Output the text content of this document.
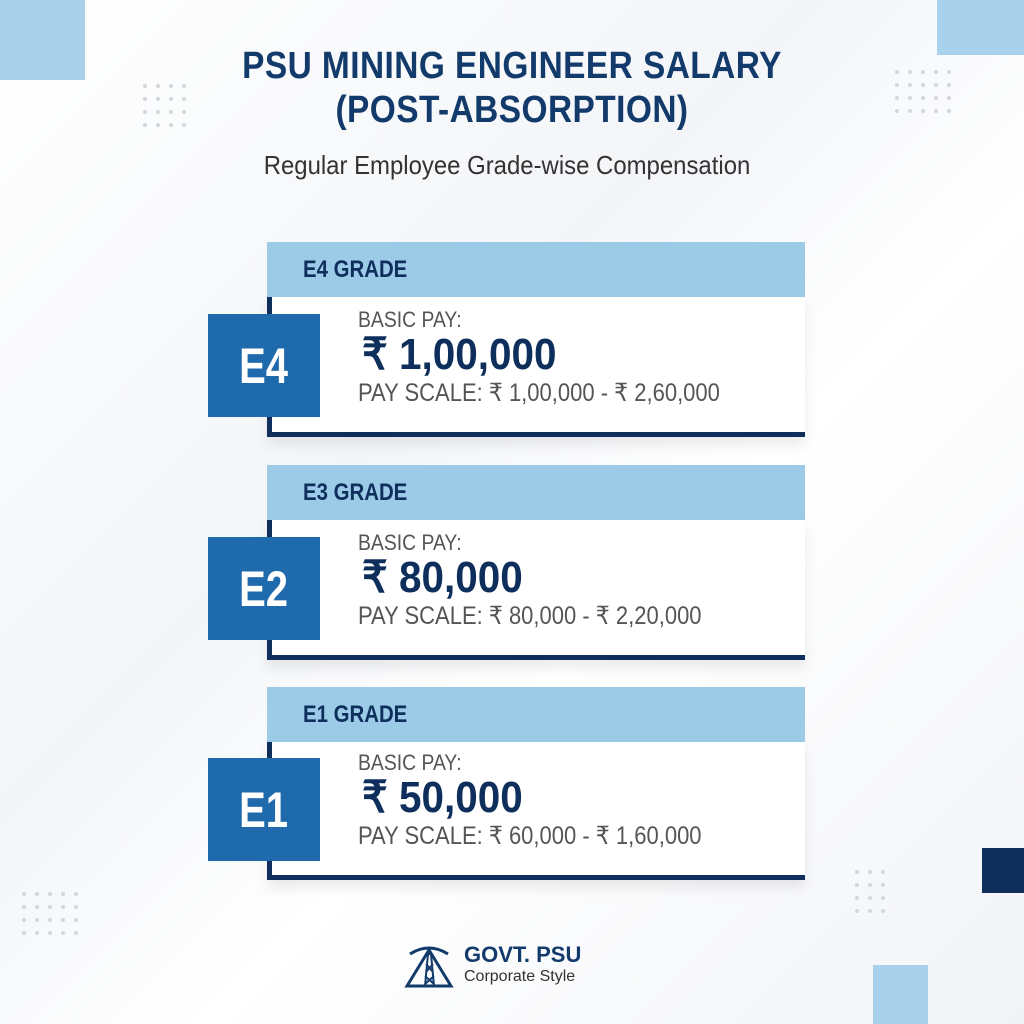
PSU MINING ENGINEER SALARY
(POST-ABSORPTION)
Regular Employee Grade-wise Compensation
E4 GRADE
E4
BASIC PAY:
₹ 1,00,000
PAY SCALE: ₹ 1,00,000 - ₹ 2,60,000
E3 GRADE
E2
BASIC PAY:
₹ 80,000
PAY SCALE: ₹ 80,000 - ₹ 2,20,000
E1 GRADE
E1
BASIC PAY:
₹ 50,000
PAY SCALE: ₹ 60,000 - ₹ 1,60,000
GOVT. PSU
Corporate Style
